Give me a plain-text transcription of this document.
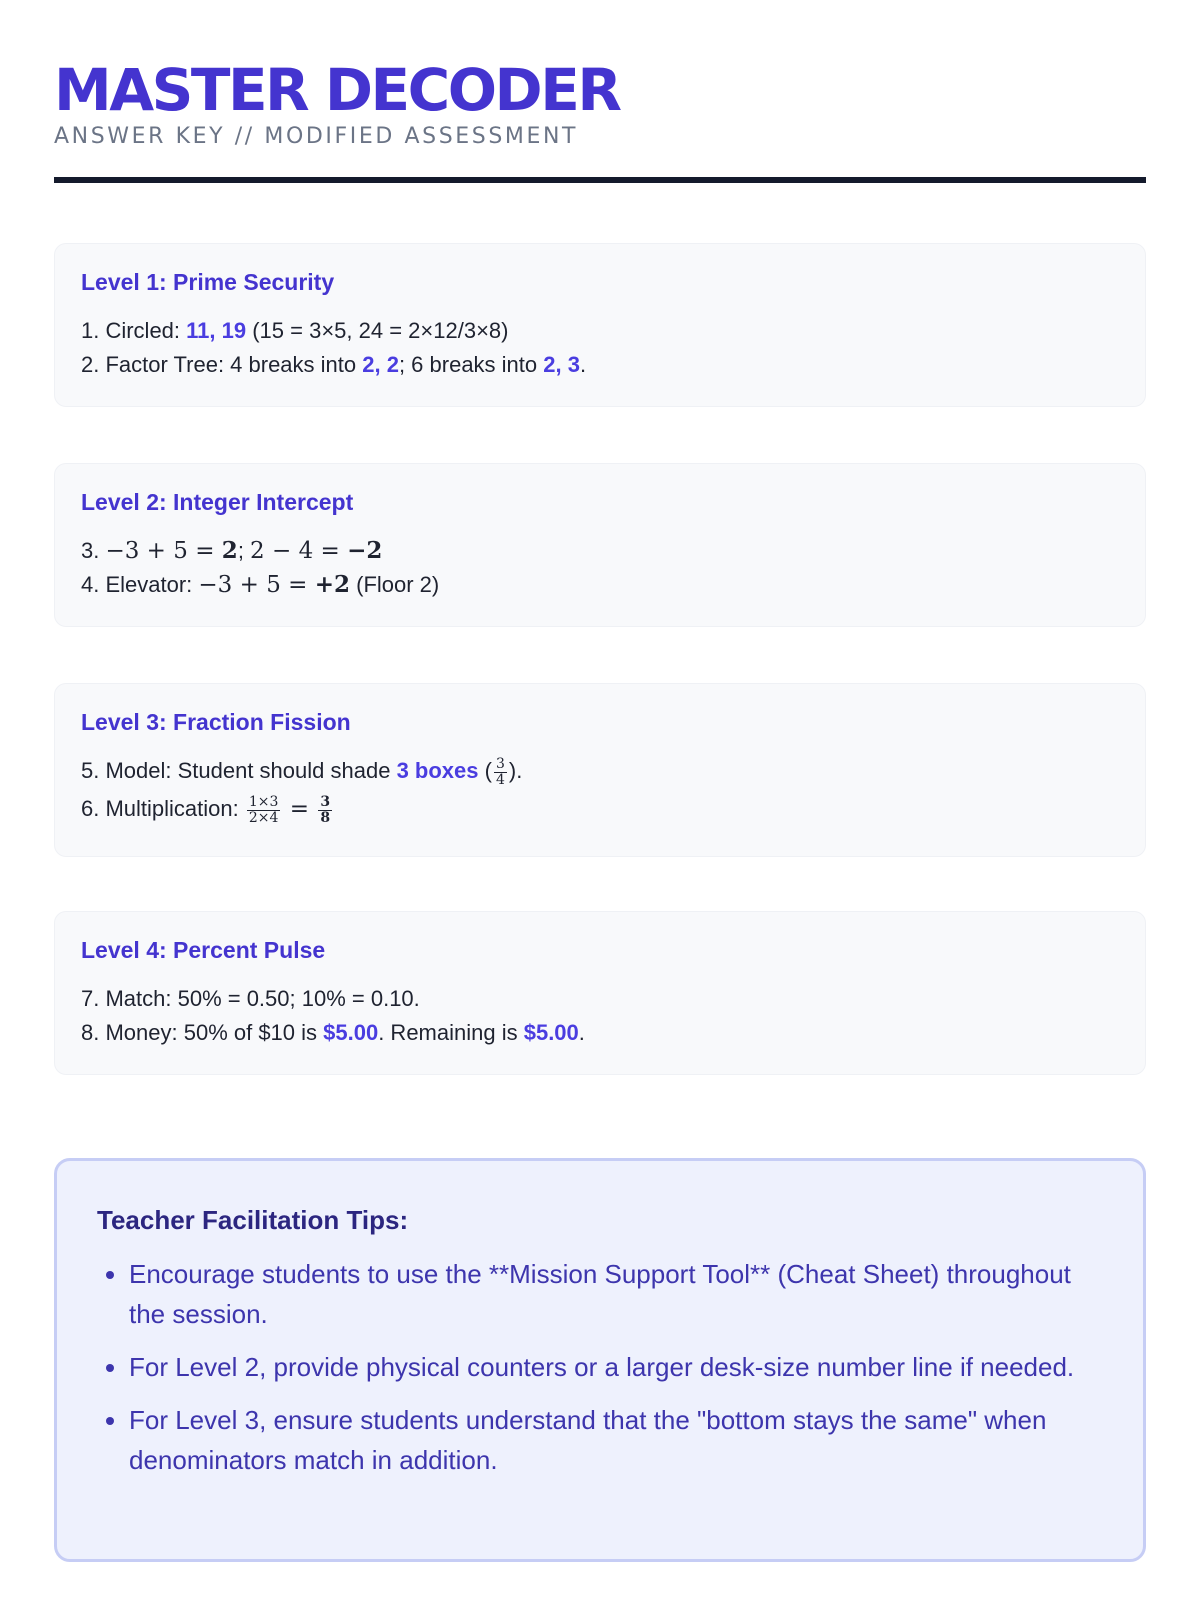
MASTER DECODER
ANSWER KEY // MODIFIED ASSESSMENT
Level 1: Prime Security
1. Circled: 11, 19 (15 = 3×5, 24 = 2×12/3×8)
2. Factor Tree: 4 breaks into 2, 2; 6 breaks into 2, 3.
Level 2: Integer Intercept
3. −3 + 5 = 2; 2 − 4 = −2
4. Elevator: −3 + 5 = +2 (Floor 2)
Level 3: Fraction Fission
5. Model: Student should shade 3 boxes ( $\frac{3}{4}$ ).
6. Multiplication: $\frac{1\times 3}{2\times 4} = \frac{3}{8}$
Level 4: Percent Pulse
7. Match: 50% = 0.50; 10% = 0.10.
8. Money: 50% of $10 is $5.00. Remaining is $5.00.
Teacher Facilitation Tips:
• Encourage students to use the **Mission Support Tool** (Cheat Sheet) throughout the session.
• For Level 2, provide physical counters or a larger desk-size number line if needed.
• For Level 3, ensure students understand that the "bottom stays the same" when denominators match in addition.
